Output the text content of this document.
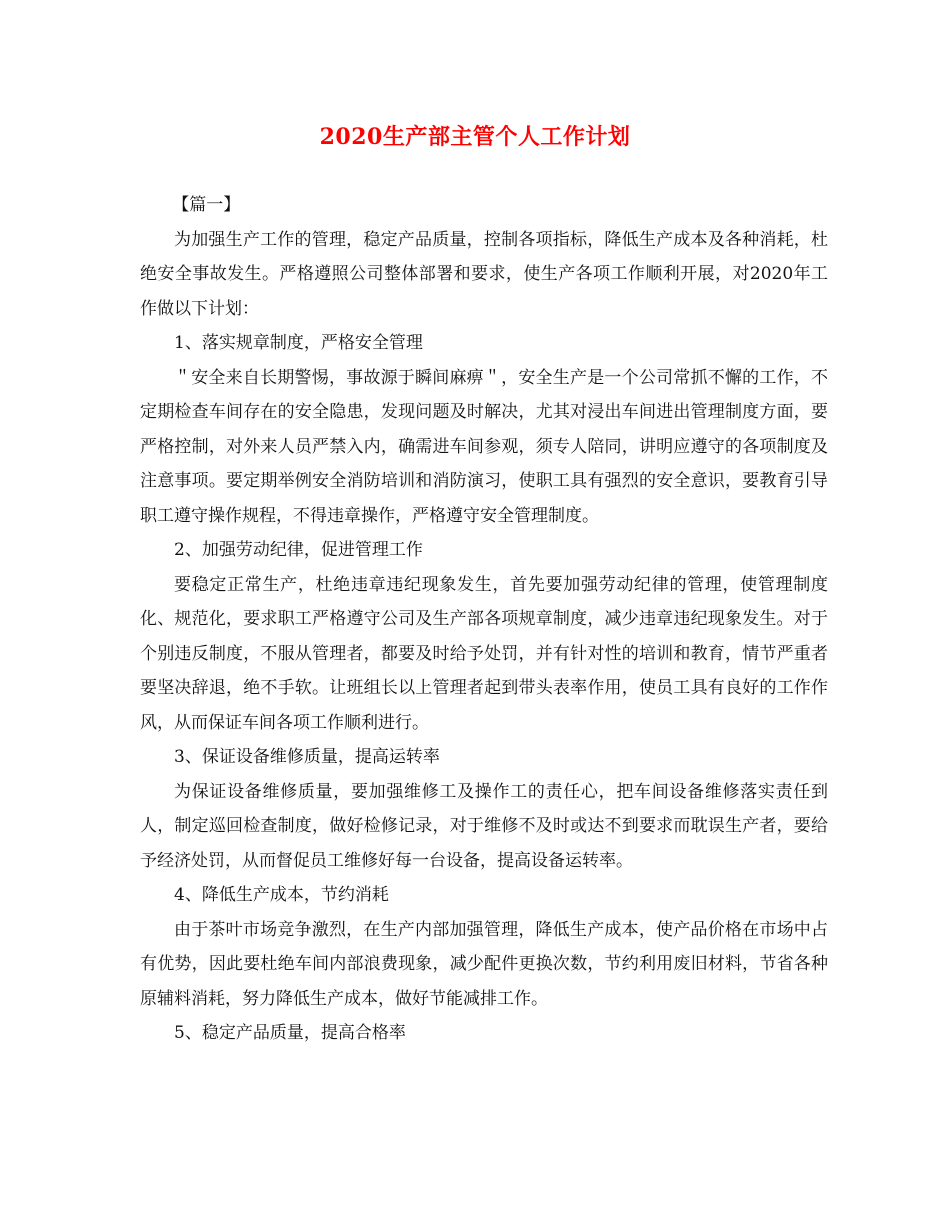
2020生产部主管个人工作计划

【篇一】

为加强生产工作的管理，稳定产品质量，控制各项指标，降低生产成本及各种消耗，杜绝安全事故发生。严格遵照公司整体部署和要求，使生产各项工作顺利开展，对2020年工作做以下计划：

1、落实规章制度，严格安全管理

＂安全来自长期警惕，事故源于瞬间麻痹＂，安全生产是一个公司常抓不懈的工作，不定期检查车间存在的安全隐患，发现问题及时解决，尤其对浸出车间进出管理制度方面，要严格控制，对外来人员严禁入内，确需进车间参观，须专人陪同，讲明应遵守的各项制度及注意事项。要定期举例安全消防培训和消防演习，使职工具有强烈的安全意识，要教育引导职工遵守操作规程，不得违章操作，严格遵守安全管理制度。

2、加强劳动纪律，促进管理工作

要稳定正常生产，杜绝违章违纪现象发生，首先要加强劳动纪律的管理，使管理制度化、规范化，要求职工严格遵守公司及生产部各项规章制度，减少违章违纪现象发生。对于个别违反制度，不服从管理者，都要及时给予处罚，并有针对性的培训和教育，情节严重者要坚决辞退，绝不手软。让班组长以上管理者起到带头表率作用，使员工具有良好的工作作风，从而保证车间各项工作顺利进行。

3、保证设备维修质量，提高运转率

为保证设备维修质量，要加强维修工及操作工的责任心，把车间设备维修落实责任到人，制定巡回检查制度，做好检修记录，对于维修不及时或达不到要求而耽误生产者，要给予经济处罚，从而督促员工维修好每一台设备，提高设备运转率。

4、降低生产成本，节约消耗

由于茶叶市场竞争激烈，在生产内部加强管理，降低生产成本，使产品价格在市场中占有优势，因此要杜绝车间内部浪费现象，减少配件更换次数，节约利用废旧材料，节省各种原辅料消耗，努力降低生产成本，做好节能减排工作。

5、稳定产品质量，提高合格率
